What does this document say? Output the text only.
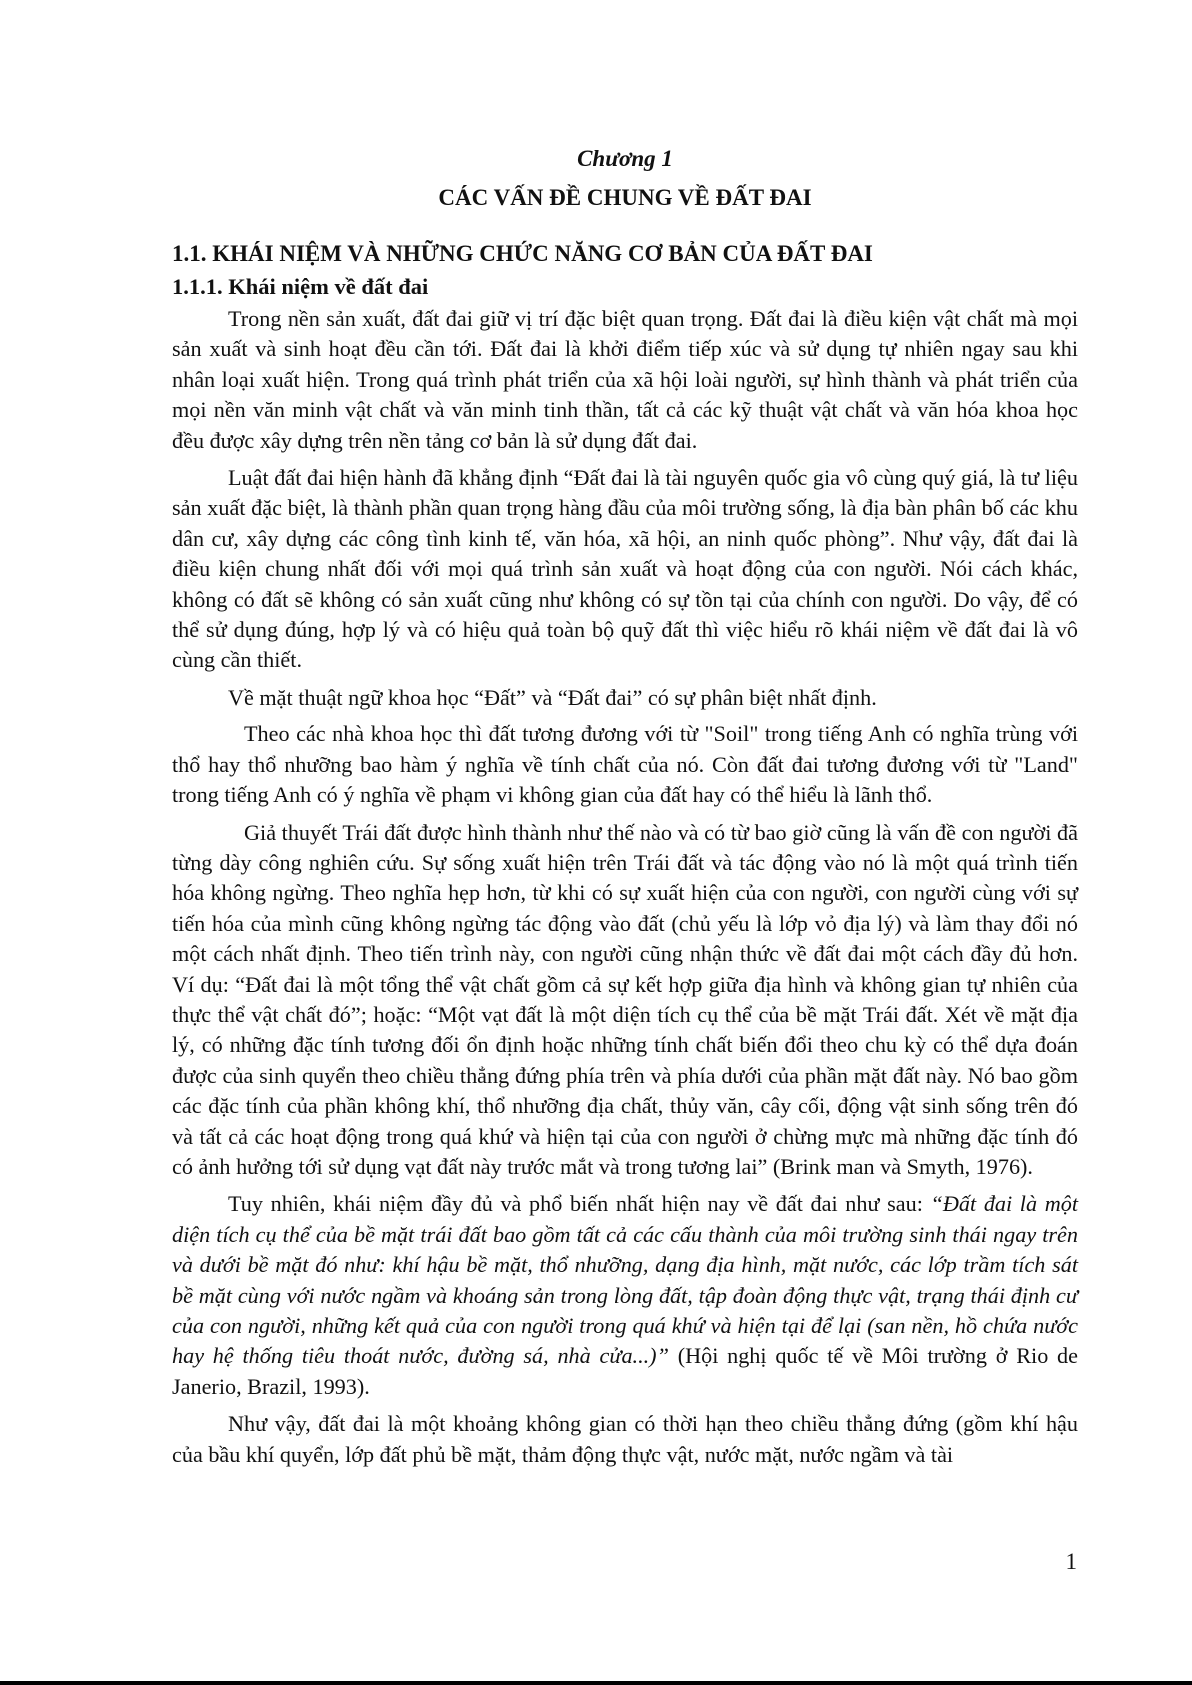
Chương 1
CÁC VẤN ĐỀ CHUNG VỀ ĐẤT ĐAI
1.1. KHÁI NIỆM VÀ NHỮNG CHỨC NĂNG CƠ BẢN CỦA ĐẤT ĐAI
1.1.1. Khái niệm về đất đai

Trong nền sản xuất, đất đai giữ vị trí đặc biệt quan trọng. Đất đai là điều kiện vật chất mà mọi sản xuất và sinh hoạt đều cần tới. Đất đai là khởi điểm tiếp xúc và sử dụng tự nhiên ngay sau khi nhân loại xuất hiện. Trong quá trình phát triển của xã hội loài người, sự hình thành và phát triển của mọi nền văn minh vật chất và văn minh tinh thần, tất cả các kỹ thuật vật chất và văn hóa khoa học đều được xây dựng trên nền tảng cơ bản là sử dụng đất đai.

Luật đất đai hiện hành đã khẳng định “Đất đai là tài nguyên quốc gia vô cùng quý giá, là tư liệu sản xuất đặc biệt, là thành phần quan trọng hàng đầu của môi trường sống, là địa bàn phân bố các khu dân cư, xây dựng các công tình kinh tế, văn hóa, xã hội, an ninh quốc phòng”. Như vậy, đất đai là điều kiện chung nhất đối với mọi quá trình sản xuất và hoạt động của con người. Nói cách khác, không có đất sẽ không có sản xuất cũng như không có sự tồn tại của chính con người. Do vậy, để có thể sử dụng đúng, hợp lý và có hiệu quả toàn bộ quỹ đất thì việc hiểu rõ khái niệm về đất đai là vô cùng cần thiết.

Về mặt thuật ngữ khoa học “Đất” và “Đất đai” có sự phân biệt nhất định.

Theo các nhà khoa học thì đất tương đương với từ "Soil" trong tiếng Anh có nghĩa trùng với thổ hay thổ nhưỡng bao hàm ý nghĩa về tính chất của nó. Còn đất đai tương đương với từ "Land" trong tiếng Anh có ý nghĩa về phạm vi không gian của đất hay có thể hiểu là lãnh thổ.

Giả thuyết Trái đất được hình thành như thế nào và có từ bao giờ cũng là vấn đề con người đã từng dày công nghiên cứu. Sự sống xuất hiện trên Trái đất và tác động vào nó là một quá trình tiến hóa không ngừng. Theo nghĩa hẹp hơn, từ khi có sự xuất hiện của con người, con người cùng với sự tiến hóa của mình cũng không ngừng tác động vào đất (chủ yếu là lớp vỏ địa lý) và làm thay đổi nó một cách nhất định. Theo tiến trình này, con người cũng nhận thức về đất đai một cách đầy đủ hơn. Ví dụ: “Đất đai là một tổng thể vật chất gồm cả sự kết hợp giữa địa hình và không gian tự nhiên của thực thể vật chất đó”; hoặc: “Một vạt đất là một diện tích cụ thể của bề mặt Trái đất. Xét về mặt địa lý, có những đặc tính tương đối ổn định hoặc những tính chất biến đổi theo chu kỳ có thể dựa đoán được của sinh quyển theo chiều thẳng đứng phía trên và phía dưới của phần mặt đất này. Nó bao gồm các đặc tính của phần không khí, thổ nhưỡng địa chất, thủy văn, cây cối, động vật sinh sống trên đó và tất cả các hoạt động trong quá khứ và hiện tại của con người ở chừng mực mà những đặc tính đó có ảnh hưởng tới sử dụng vạt đất này trước mắt và trong tương lai” (Brink man và Smyth, 1976).

Tuy nhiên, khái niệm đầy đủ và phổ biến nhất hiện nay về đất đai như sau: “Đất đai là một diện tích cụ thể của bề mặt trái đất bao gồm tất cả các cấu thành của môi trường sinh thái ngay trên và dưới bề mặt đó như: khí hậu bề mặt, thổ nhưỡng, dạng địa hình, mặt nước, các lớp trầm tích sát bề mặt cùng với nước ngầm và khoáng sản trong lòng đất, tập đoàn động thực vật, trạng thái định cư của con người, những kết quả của con người trong quá khứ và hiện tại để lại (san nền, hồ chứa nước hay hệ thống tiêu thoát nước, đường sá, nhà cửa...)” (Hội nghị quốc tế về Môi trường ở Rio de Janerio, Brazil, 1993).

Như vậy, đất đai là một khoảng không gian có thời hạn theo chiều thẳng đứng (gồm khí hậu của bầu khí quyển, lớp đất phủ bề mặt, thảm động thực vật, nước mặt, nước ngầm và tài

1
